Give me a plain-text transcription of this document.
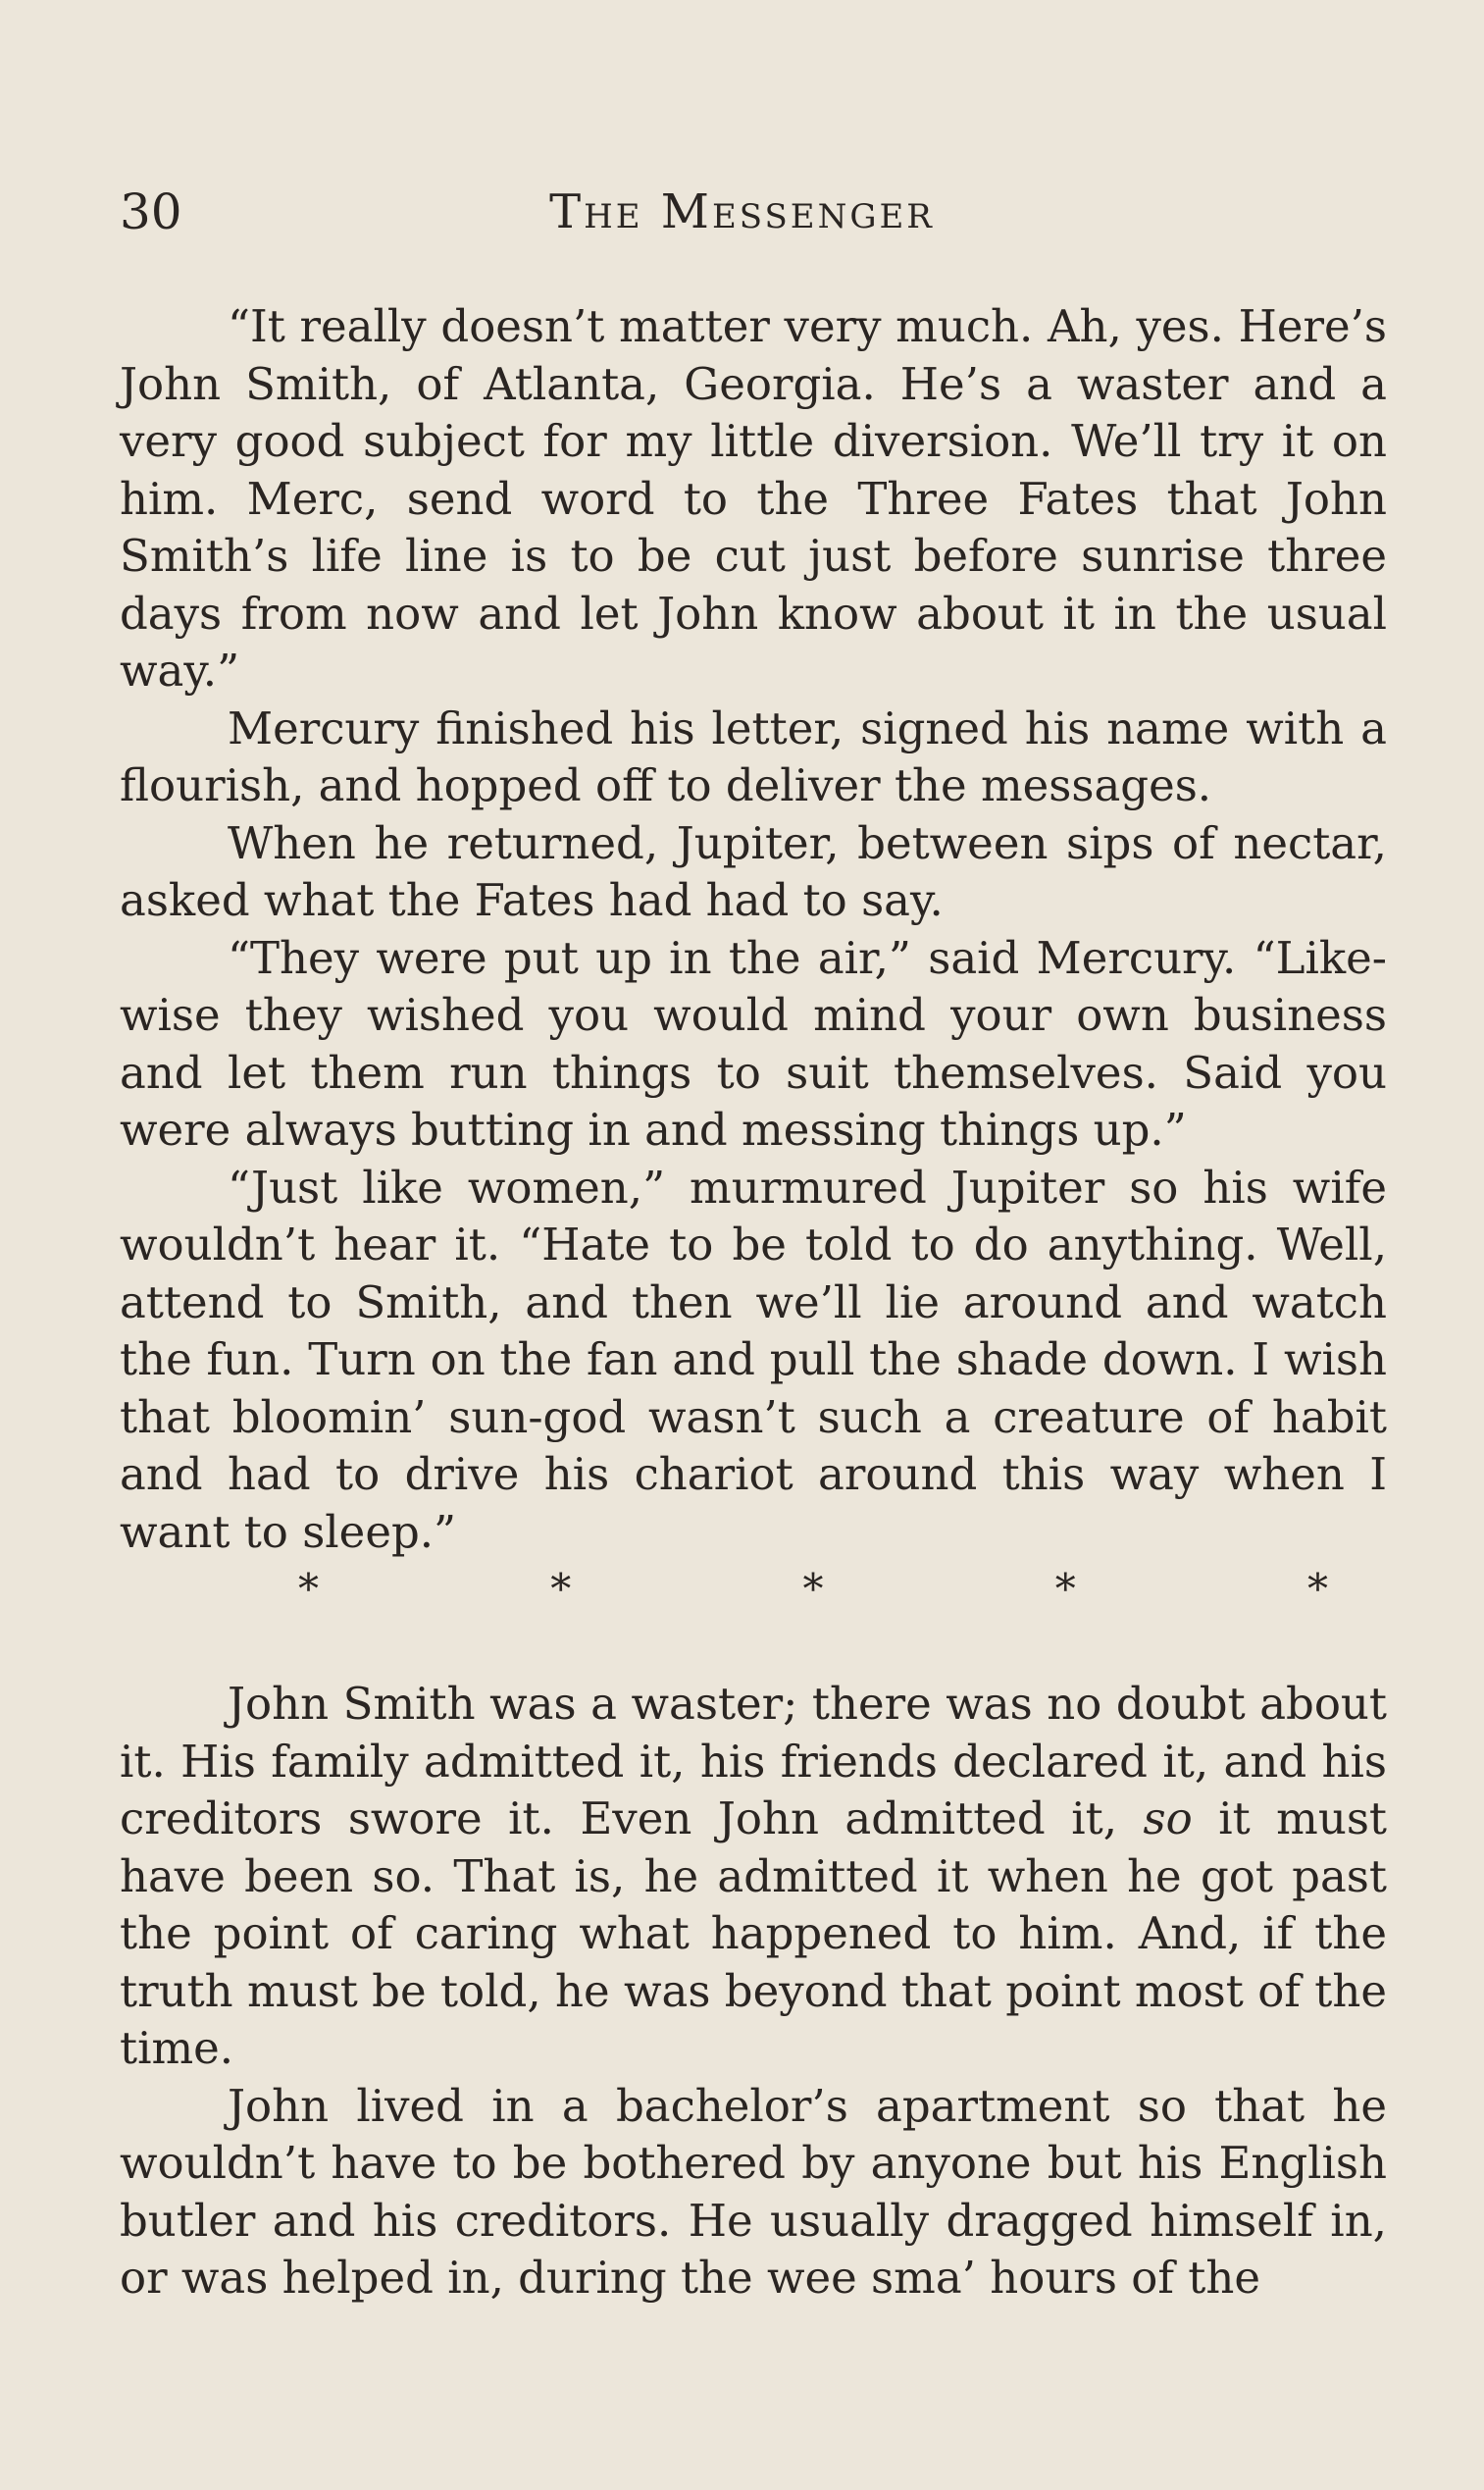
30	The Messenger

“It really doesn’t matter very much. Ah, yes. Here’s John Smith, of Atlanta, Georgia. He’s a waster and a very good subject for my little diversion. We’ll try it on him. Merc, send word to the Three Fates that John Smith’s life line is to be cut just before sunrise three days from now and let John know about it in the usual way.”

Mercury finished his letter, signed his name with a flourish, and hopped off to deliver the messages.

When he returned, Jupiter, between sips of nectar, asked what the Fates had had to say.

“They were put up in the air,” said Mercury. “Like-wise they wished you would mind your own business and let them run things to suit themselves. Said you were always butting in and messing things up.”

“Just like women,” murmured Jupiter so his wife wouldn’t hear it. “Hate to be told to do anything. Well, attend to Smith, and then we’ll lie around and watch the fun. Turn on the fan and pull the shade down. I wish that bloomin’ sun-god wasn’t such a creature of habit and had to drive his chariot around this way when I want to sleep.”

*	*	*	*	*

John Smith was a waster; there was no doubt about it. His family admitted it, his friends declared it, and his creditors swore it. Even John admitted it, so it must have been so. That is, he admitted it when he got past the point of caring what happened to him. And, if the truth must be told, he was beyond that point most of the time.

John lived in a bachelor’s apartment so that he wouldn’t have to be bothered by anyone but his English butler and his creditors. He usually dragged himself in, or was helped in, during the wee sma’ hours of the
